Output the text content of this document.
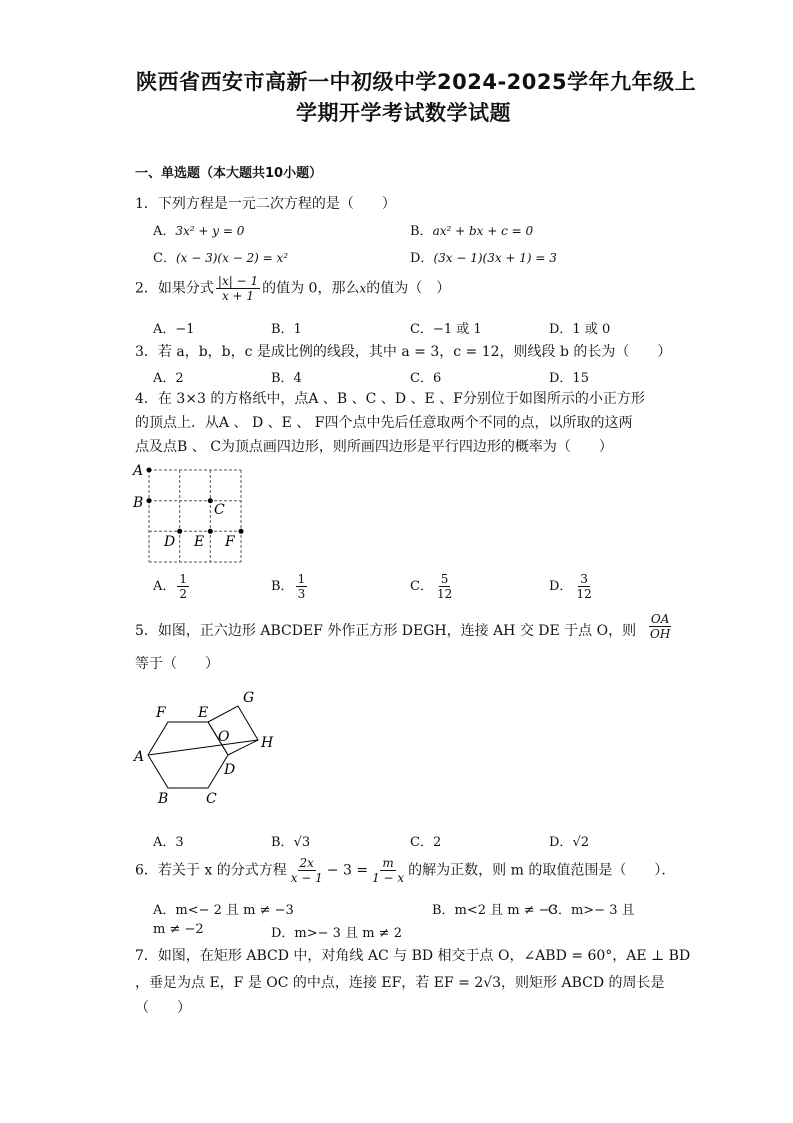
陕西省西安市高新一中初级中学2024-2025学年九年级上
学期开学考试数学试题
一、单选题（本大题共10小题）
1．下列方程是一元二次方程的是（　　）
A．3x² + y = 0	B．ax² + bx + c = 0
C．(x − 3)(x − 2) = x²	D．(3x − 1)(3x + 1) = 3
2．如果分式 $\frac{|x| - 1}{x + 1}$ 的值为 0，那么x的值为（　）
A．−1	B．1	C．−1 或 1	D．1 或 0
3．若 a，b，b，c 是成比例的线段，其中 a = 3，c = 12，则线段 b 的长为（　　）
A．2	B．4	C．6	D．15
4．在 3×3 的方格纸中，点A 、B 、C 、D 、E 、F分别位于如图所示的小正方形
的顶点上．从A 、 D 、E 、 F四个点中先后任意取两个不同的点，以所取的这两
点及点B 、 C为顶点画四边形，则所画四边形是平行四边形的概率为（　　）
A
B	C
D E F
A． $\frac{1}{2}$	B． $\frac{1}{3}$	C． $\frac{5}{12}$	D． $\frac{3}{12}$
5．如图，正六边形 ABCDEF 外作正方形 DEGH，连接 AH 交 DE 于点 O，则 $\frac{OA}{OH}$
等于（　　）
A
B	C
D
E
F
G
H
O
A．3	B．√3	C．2	D．√2
6．若关于 x 的分式方程 $\frac{2x}{x - 1} - 3 = \frac{m}{1 - x}$ 的解为正数，则 m 的取值范围是（　　）．
A．m<− 2 且 m ≠ −3	B．m<2 且 m ≠ −3
C．m>− 3 且
m ≠ −2	D．m>− 3 且 m ≠ 2
7．如图，在矩形 ABCD 中，对角线 AC 与 BD 相交于点 O，∠ABD = 60°，AE ⊥ BD
，垂足为点 E，F 是 OC 的中点，连接 EF，若 EF = 2√3，则矩形 ABCD 的周长是
（　　）
